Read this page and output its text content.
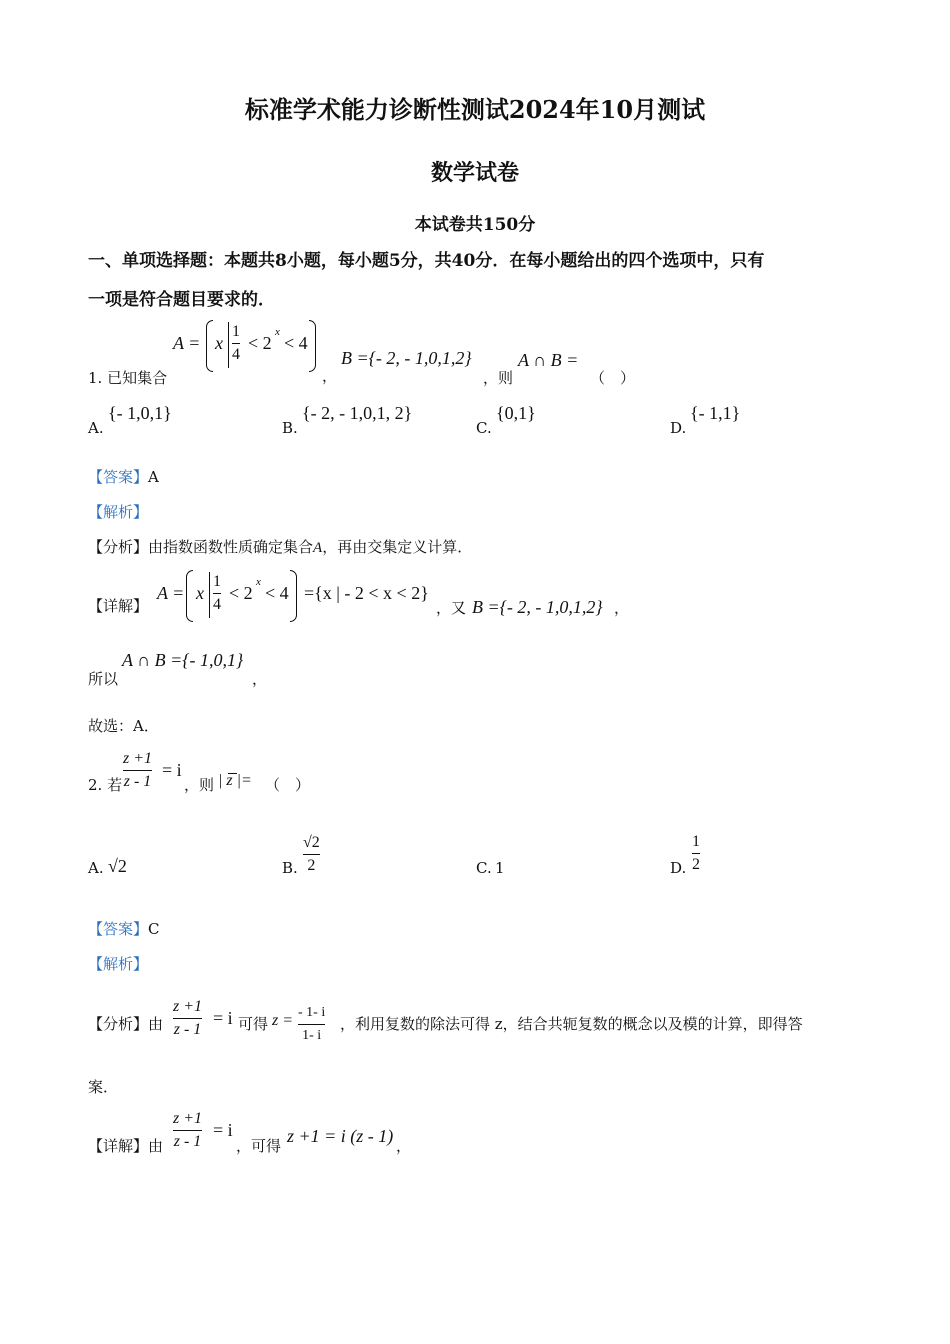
标准学术能力诊断性测试2024年10月测试
数学试卷
本试卷共150分
一、单项选择题：本题共8小题，每小题5分，共40分．在每小题给出的四个选项中，只有
一项是符合题目要求的．
1. 已知集合
A = x
1
4
< 2
x
< 4
，
B ={- 2, - 1,0,1,2}
，则
A ∩ B =
（　）
A.
{- 1,0,1}
B.
{- 2, - 1,0,1, 2}
C.
{0,1}
D.
{- 1,1}
【答案】A
【解析】
【分析】由指数函数性质确定集合A，再由交集定义计算．
【详解】
A = x
1
4
< 2
x
< 4 ={x | - 2 < x < 2}
，又 B ={- 2, - 1,0,1,2} ，
所以
A ∩ B ={- 1,0,1}
，
故选：A．
2. 若
z +1
z - 1
= i
，则 | z |= （　）
A. √2	B.
√2
2	C. 1	D.
1
2
【答案】C
【解析】
【分析】由
z +1
z - 1
= i 可得 z = - 1- i
1- i
，利用复数的除法可得 z，结合共轭复数的概念以及模的计算，即得答
案．
【详解】由
z +1
z - 1
= i
，可得 z +1 = i (z - 1) ，
